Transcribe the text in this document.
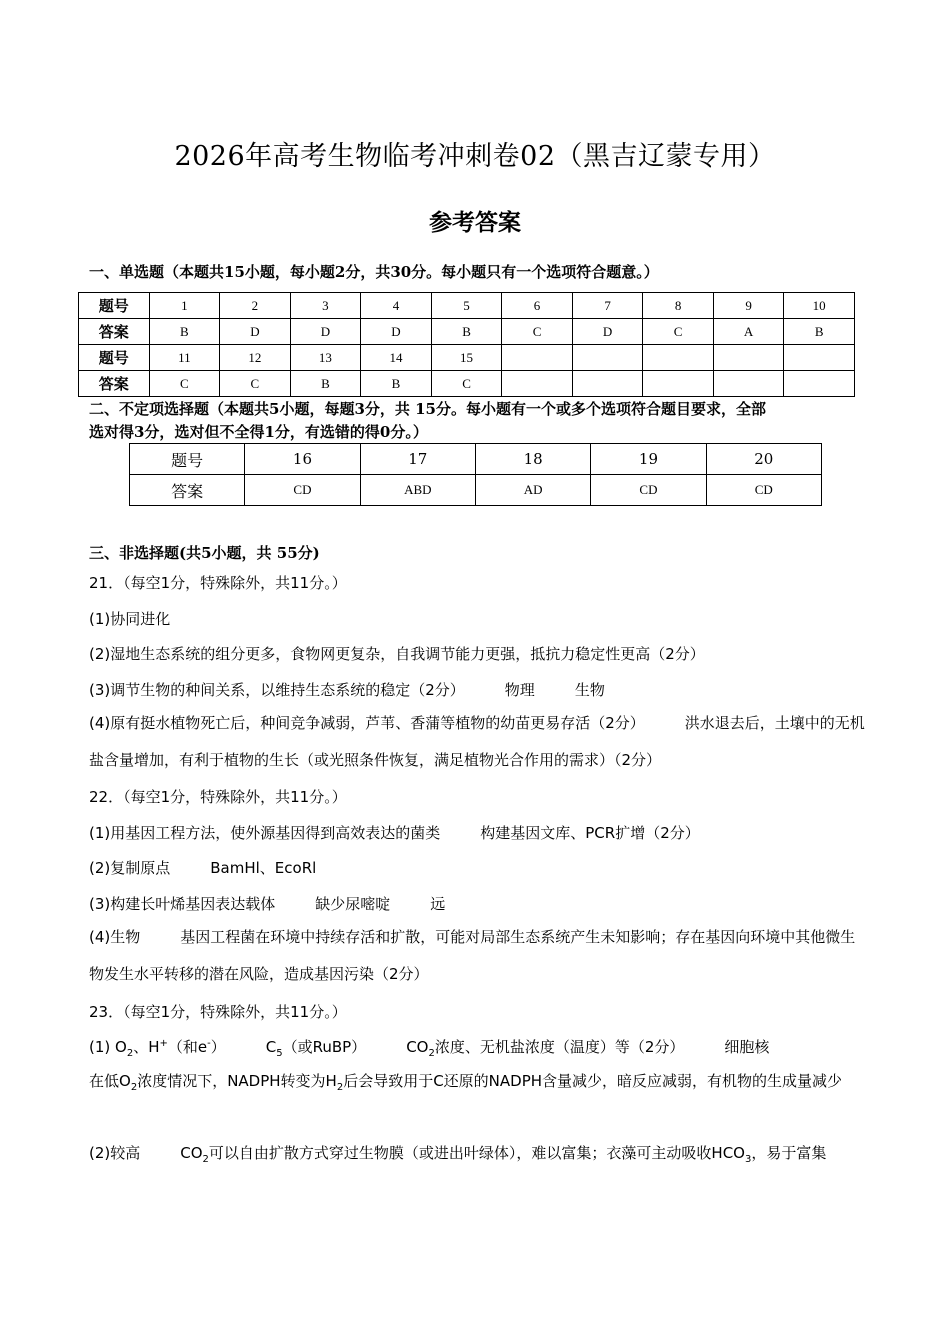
2026年高考生物临考冲刺卷02（黑吉辽蒙专用）
参考答案
一、单选题（本题共15小题，每小题2分，共30分。每小题只有一个选项符合题意。）
题号	1	2	3	4	5	6	7	8	9	10
答案	B	D	D	D	B	C	D	C	A	B
题号	11	12	13	14	15					
答案	C	C	B	B	C					
二、不定项选择题（本题共5小题，每题3分，共 15分。每小题有一个或多个选项符合题目要求，全部
选对得3分，选对但不全得1分，有选错的得0分。）
题号	16	17	18	19	20
答案	CD	ABD	AD	CD	CD
三、非选择题(共5小题，共 55分)
21．（每空1分，特殊除外，共11分。）
(1)协同进化
(2)湿地生态系统的组分更多，食物网更复杂，自我调节能力更强，抵抗力稳定性更高（2分）
(3)调节生物的种间关系，以维持生态系统的稳定（2分）	物理	生物
(4)原有挺水植物死亡后，种间竞争减弱，芦苇、香蒲等植物的幼苗更易存活（2分）	洪水退去后，土壤中的无机盐含量增加，有利于植物的生长（或光照条件恢复，满足植物光合作用的需求）（2分）
22．（每空1分，特殊除外，共11分。）
(1)用基因工程方法，使外源基因得到高效表达的菌类	构建基因文库、PCR扩增（2分）
(2)复制原点	BamHl、EcoRl
(3)构建长叶烯基因表达载体	缺少尿嘧啶	远
(4)生物	基因工程菌在环境中持续存活和扩散，可能对局部生态系统产生未知影响；存在基因向环境中其他微生物发生水平转移的潜在风险，造成基因污染（2分）
23．（每空1分，特殊除外，共11分。）
(1) $O_2$、H+（和e-）	$C_5$（或RuBP）	$CO_2$浓度、无机盐浓度（温度）等（2分）	细胞核
在低$O_2$浓度情况下，NADPH转变为$H_2$后会导致用于C还原的NADPH含量减少，暗反应减弱，有机物的生成量减少
(2)较高	$CO_2$可以自由扩散方式穿过生物膜（或进出叶绿体），难以富集；衣藻可主动吸收$HCO_3$，易于富集
